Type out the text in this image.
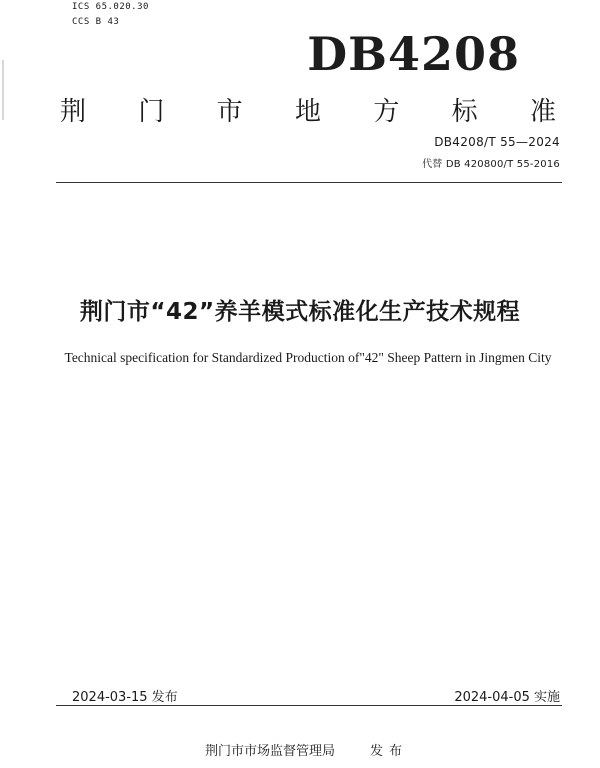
ICS 65.020.30
CCS B 43
DB4208
荆 门 市 地 方 标 准
DB4208/T 55—2024
代替 DB 420800/T 55-2016
荆门市“42”养羊模式标准化生产技术规程
Technical specification for Standardized Production of"42" Sheep Pattern in Jingmen City
2024-03-15 发布	2024-04-05 实施
荆门市市场监督管理局	发布
